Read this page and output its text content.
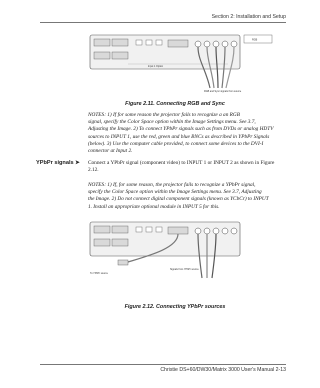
Section 2: Installation and Setup
Input 1 Option
RGB
RGB and Sync signals from source
Figure 2.11. Connecting RGB and Sync
NOTES: 1) If for some reason the projector fails to recognize a an RGB
signal, specify the Color Space option within the Image Settings menu. See 3.7,
Adjusting the Image. 2) To connect YPbPr signals such as from DVDs or analog HDTV
sources to INPUT 1, use the red, green and blue BNCs as described in YPbPr Signals
(below). 3) Use the computer cable provided, to connect some devices to the DVI-I
connector at Input 2.
YPbPr signals ➤ Connect a YPbPr signal (component video) to INPUT 1 or INPUT 2 as shown in Figure
2.12.
NOTES: 1) If, for some reason, the projector fails to recognize a YPbPr signal,
specify the Color Space option within the Image Settings menu. See 3.7, Adjusting
the Image. 2) Do not connect digital component signals (known as YCbCr) to INPUT
1. Install an appropriate optional module in INPUT 5 for this.
To YPbPr source
Signals from YPbPr source
Figure 2.12. Connecting YPbPr sources
Christie DS+60/DW30/Matrix 3000 User's Manual 2-13
